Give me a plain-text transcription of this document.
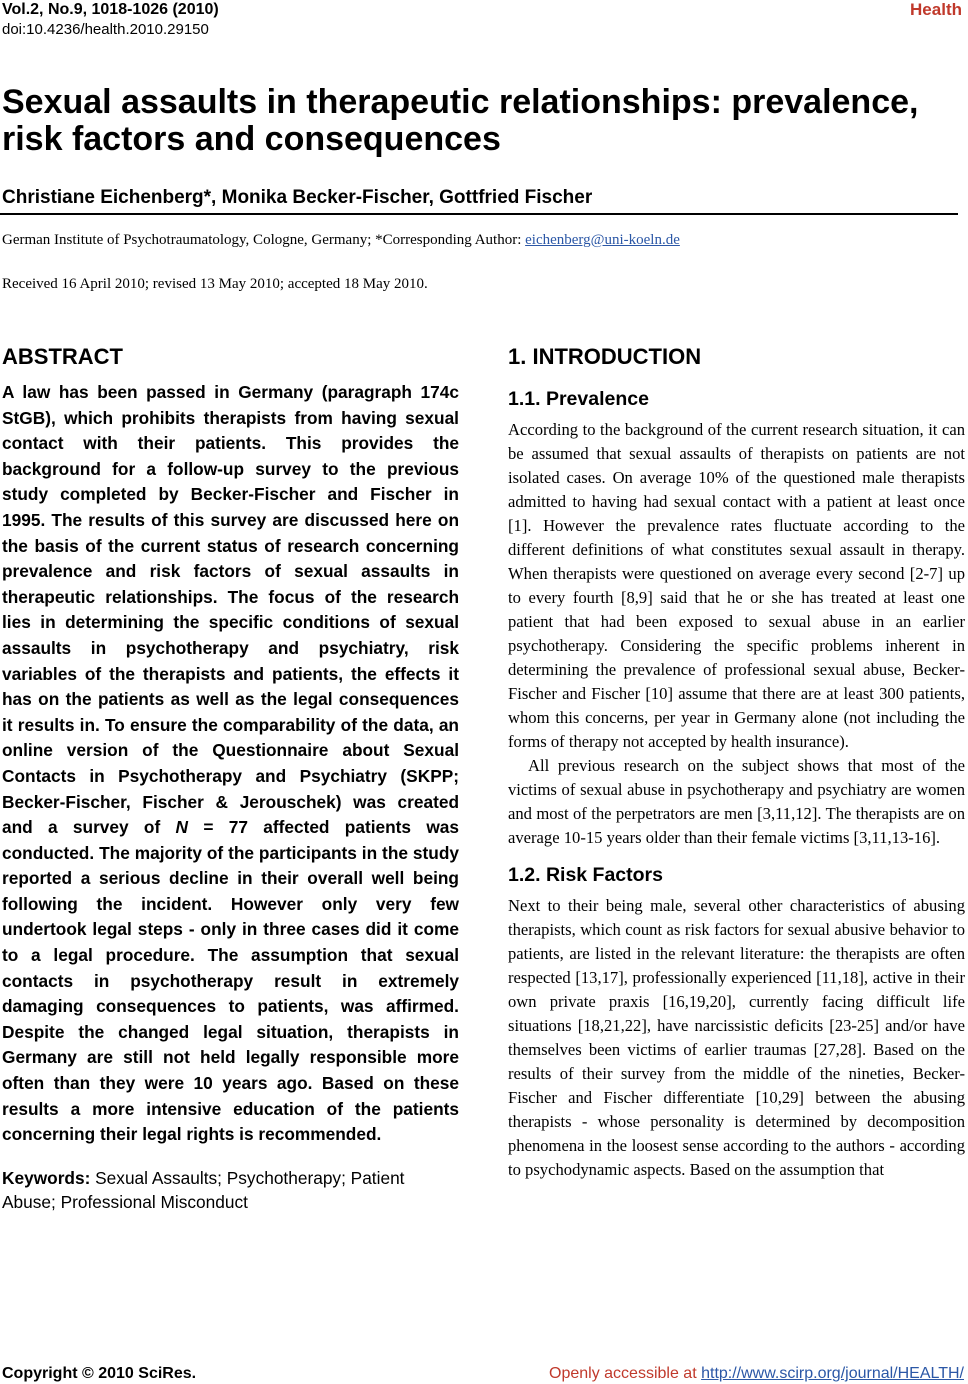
Vol.2, No.9, 1018-1026 (2010)
doi:10.4236/health.2010.29150
Health
Sexual assaults in therapeutic relationships: prevalence, risk factors and consequences
Christiane Eichenberg*, Monika Becker-Fischer, Gottfried Fischer
German Institute of Psychotraumatology, Cologne, Germany; *Corresponding Author: eichenberg@uni-koeln.de
Received 16 April 2010; revised 13 May 2010; accepted 18 May 2010.
ABSTRACT

A law has been passed in Germany (paragraph 174c StGB), which prohibits therapists from having sexual contact with their patients. This provides the background for a follow-up survey to the previous study completed by Becker-Fischer and Fischer in 1995. The results of this survey are discussed here on the basis of the current status of research concerning prevalence and risk factors of sexual assaults in therapeutic relationships. The focus of the research lies in determining the specific conditions of sexual assaults in psychotherapy and psychiatry, risk variables of the therapists and patients, the effects it has on the patients as well as the legal consequences it results in. To ensure the comparability of the data, an online version of the Questionnaire about Sexual Contacts in Psychotherapy and Psychiatry (SKPP; Becker-Fischer, Fischer & Jerouschek) was created and a survey of N = 77 affected patients was conducted. The majority of the participants in the study reported a serious decline in their overall well being following the incident. However only very few undertook legal steps - only in three cases did it come to a legal procedure. The assumption that sexual contacts in psychotherapy result in extremely damaging consequences to patients, was affirmed. Despite the changed legal situation, therapists in Germany are still not held legally responsible more often than they were 10 years ago. Based on these results a more intensive education of the patients concerning their legal rights is recommended.

Keywords: Sexual Assaults; Psychotherapy; Patient Abuse; Professional Misconduct

1. INTRODUCTION
1.1. Prevalence

According to the background of the current research situation, it can be assumed that sexual assaults of therapists on patients are not isolated cases. On average 10% of the questioned male therapists admitted to having had sexual contact with a patient at least once [1]. However the prevalence rates fluctuate according to the different definitions of what constitutes sexual assault in therapy. When therapists were questioned on average every second [2-7] up to every fourth [8,9] said that he or she has treated at least one patient that had been exposed to sexual abuse in an earlier psychotherapy. Considering the specific problems inherent in determining the prevalence of professional sexual abuse, Becker-Fischer and Fischer [10] assume that there are at least 300 patients, whom this concerns, per year in Germany alone (not including the forms of therapy not accepted by health insurance).

All previous research on the subject shows that most of the victims of sexual abuse in psychotherapy and psychiatry are women and most of the perpetrators are men [3,11,12]. The therapists are on average 10-15 years older than their female victims [3,11,13-16].

1.2. Risk Factors

Next to their being male, several other characteristics of abusing therapists, which count as risk factors for sexual abusive behavior to patients, are listed in the relevant literature: the therapists are often respected [13,17], professionally experienced [11,18], active in their own private praxis [16,19,20], currently facing difficult life situations [18,21,22], have narcissistic deficits [23-25] and/or have themselves been victims of earlier traumas [27,28]. Based on the results of their survey from the middle of the nineties, Becker-Fischer and Fischer differentiate [10,29] between the abusing therapists - whose personality is determined by decomposition phenomena in the loosest sense according to the authors - according to psychodynamic aspects. Based on the assumption that

Copyright © 2010 SciRes.	Openly accessible at http://www.scirp.org/journal/HEALTH/
